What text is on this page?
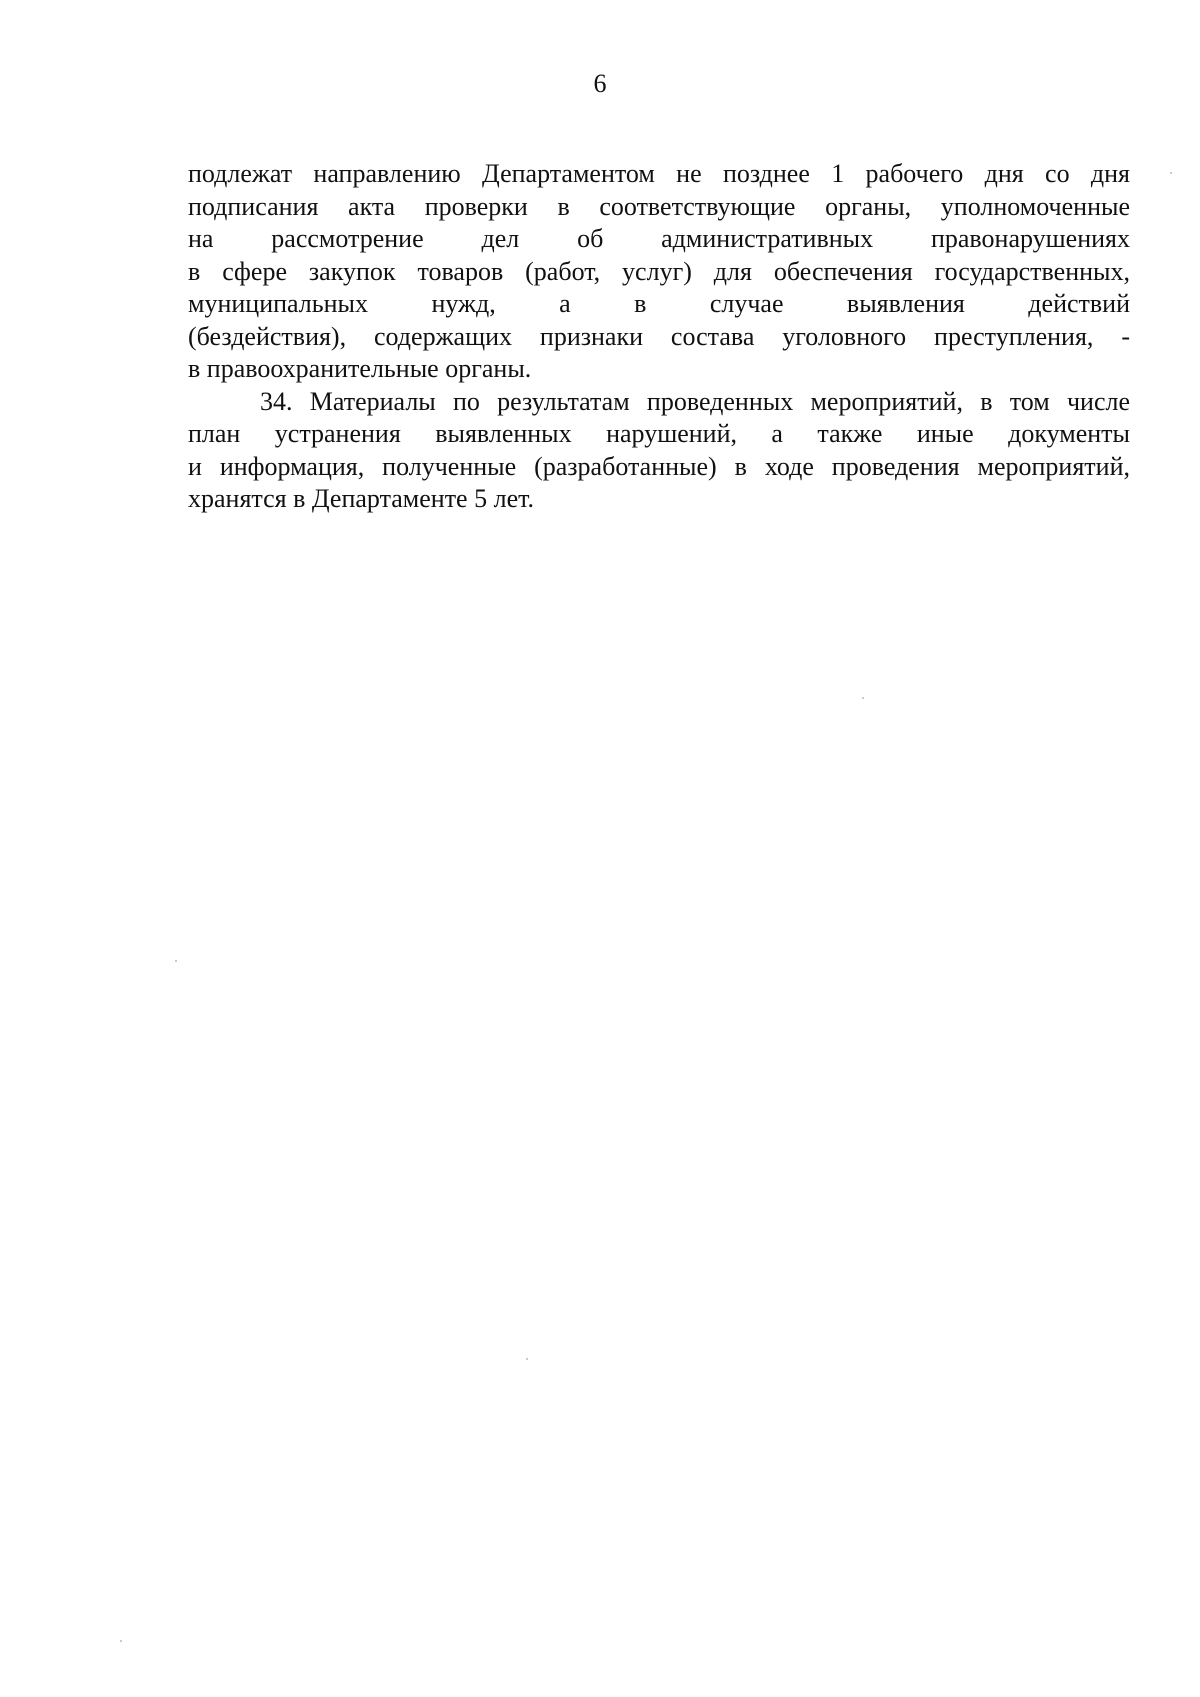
6
подлежат направлению Департаментом не позднее 1 рабочего дня со дня
подписания акта проверки в соответствующие органы, уполномоченные
на рассмотрение дел об административных правонарушениях
в сфере закупок товаров (работ, услуг) для обеспечения государственных,
муниципальных нужд, а в случае выявления действий
(бездействия), содержащих признаки состава уголовного преступления, -
в правоохранительные органы.
34. Материалы по результатам проведенных мероприятий, в том числе
план устранения выявленных нарушений, а также иные документы
и информация, полученные (разработанные) в ходе проведения мероприятий,
хранятся в Департаменте 5 лет.
